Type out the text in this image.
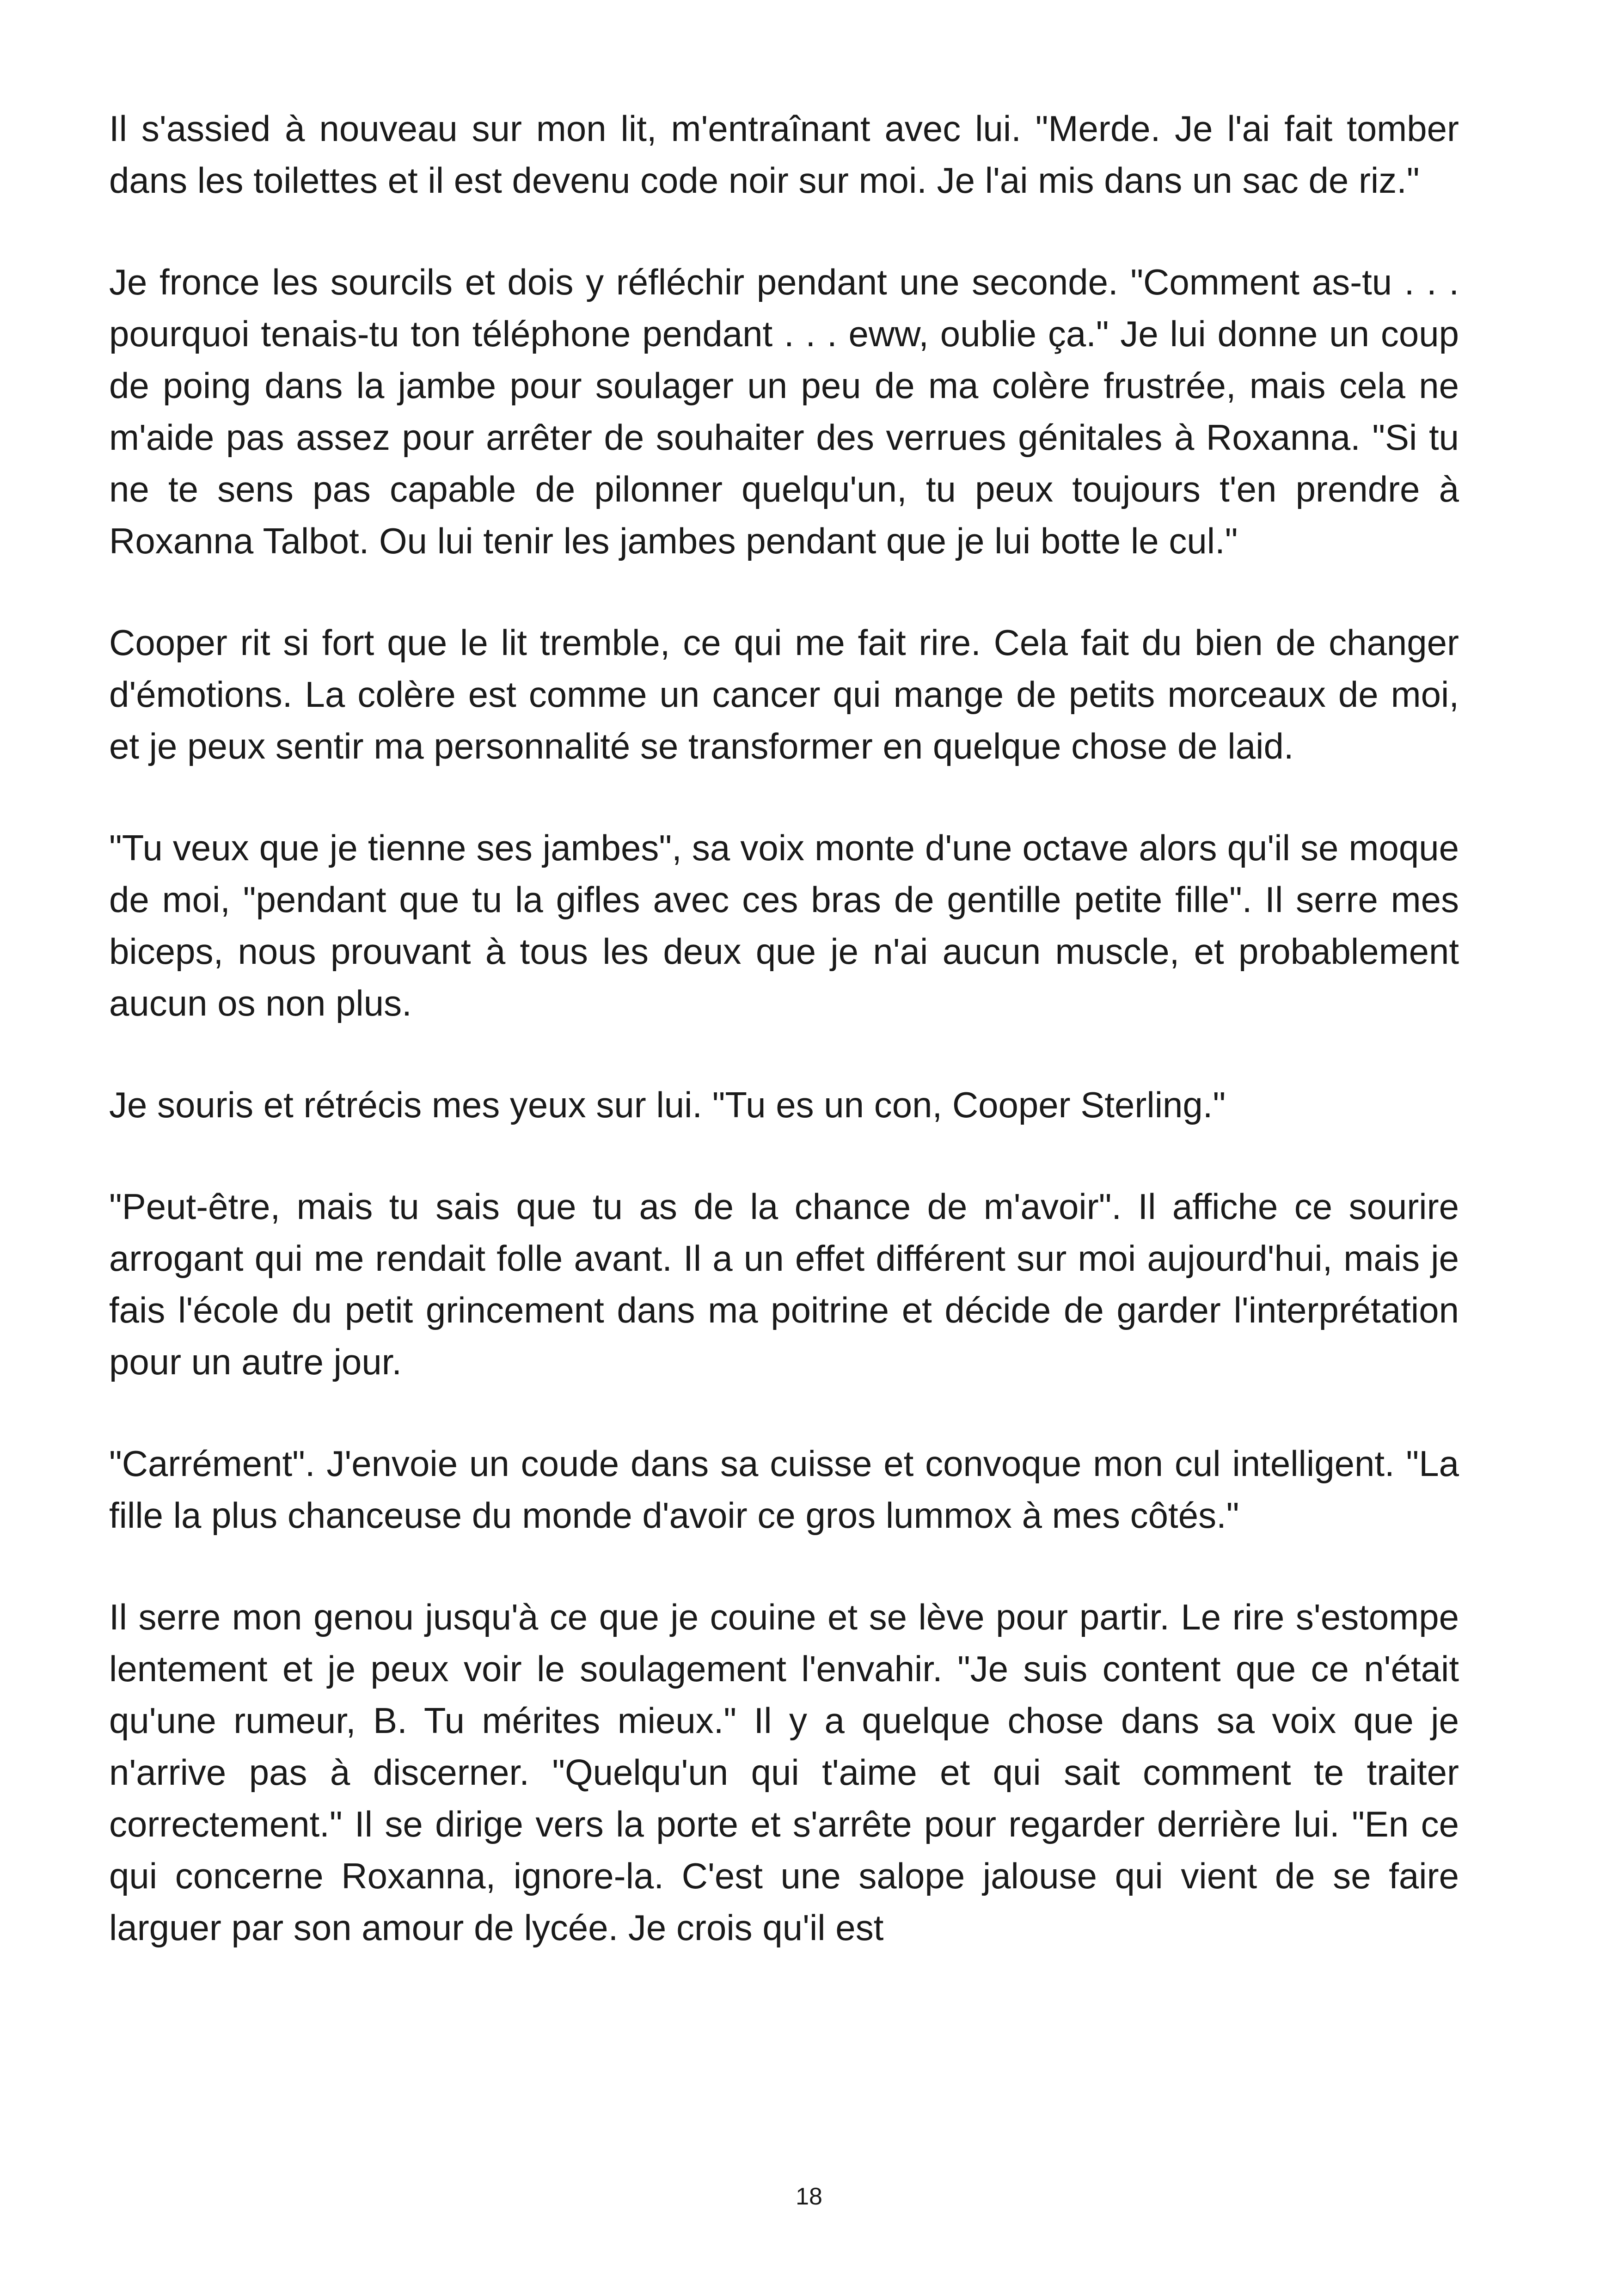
Il s'assied à nouveau sur mon lit, m'entraînant avec lui. "Merde. Je l'ai fait tomber dans les toilettes et il est devenu code noir sur moi. Je l'ai mis dans un sac de riz."

Je fronce les sourcils et dois y réfléchir pendant une seconde. "Comment as-tu . . . pourquoi tenais-tu ton téléphone pendant . . . eww, oublie ça." Je lui donne un coup de poing dans la jambe pour soulager un peu de ma colère frustrée, mais cela ne m'aide pas assez pour arrêter de souhaiter des verrues génitales à Roxanna. "Si tu ne te sens pas capable de pilonner quelqu'un, tu peux toujours t'en prendre à Roxanna Talbot. Ou lui tenir les jambes pendant que je lui botte le cul."

Cooper rit si fort que le lit tremble, ce qui me fait rire. Cela fait du bien de changer d'émotions. La colère est comme un cancer qui mange de petits morceaux de moi, et je peux sentir ma personnalité se transformer en quelque chose de laid.

"Tu veux que je tienne ses jambes", sa voix monte d'une octave alors qu'il se moque de moi, "pendant que tu la gifles avec ces bras de gentille petite fille". Il serre mes biceps, nous prouvant à tous les deux que je n'ai aucun muscle, et probablement aucun os non plus.

Je souris et rétrécis mes yeux sur lui. "Tu es un con, Cooper Sterling."

"Peut-être, mais tu sais que tu as de la chance de m'avoir". Il affiche ce sourire arrogant qui me rendait folle avant. Il a un effet différent sur moi aujourd'hui, mais je fais l'école du petit grincement dans ma poitrine et décide de garder l'interprétation pour un autre jour.

"Carrément". J'envoie un coude dans sa cuisse et convoque mon cul intelligent. "La fille la plus chanceuse du monde d'avoir ce gros lummox à mes côtés."

Il serre mon genou jusqu'à ce que je couine et se lève pour partir. Le rire s'estompe lentement et je peux voir le soulagement l'envahir. "Je suis content que ce n'était qu'une rumeur, B. Tu mérites mieux." Il y a quelque chose dans sa voix que je n'arrive pas à discerner. "Quelqu'un qui t'aime et qui sait comment te traiter correctement." Il se dirige vers la porte et s'arrête pour regarder derrière lui. "En ce qui concerne Roxanna, ignore-la. C'est une salope jalouse qui vient de se faire larguer par son amour de lycée. Je crois qu'il est

18
